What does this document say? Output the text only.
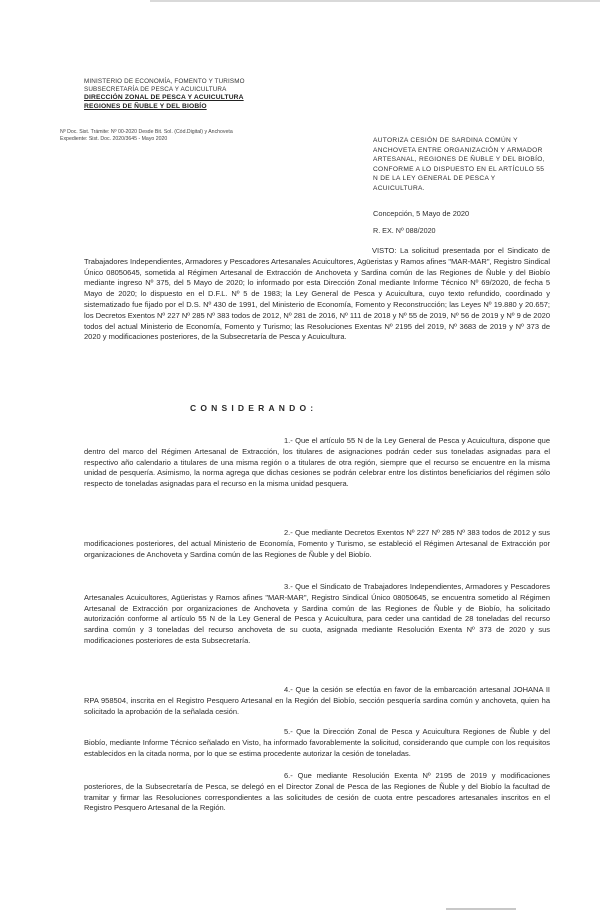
MINISTERIO DE ECONOMÍA, FOMENTO Y TURISMO
SUBSECRETARÍA DE PESCA Y ACUICULTURA
DIRECCIÓN ZONAL DE PESCA Y ACUICULTURA
REGIONES DE ÑUBLE Y DEL BIOBÍO
Nº Doc. Sist. Trámite: Nº 00-2020 Desde Bit. Sol. (Cód.Digital) y Anchoveta
Expediente: Sist. Doc. 2020/3645 - Mayo 2020	AUTORIZA CESIÓN DE SARDINA COMÚN Y ANCHOVETA ENTRE ORGANIZACIÓN Y ARMADOR ARTESANAL, REGIONES DE ÑUBLE Y DEL BIOBÍO, CONFORME A LO DISPUESTO EN EL ARTÍCULO 55 N DE LA LEY GENERAL DE PESCA Y ACUICULTURA.
Concepción, 5 Mayo de 2020
R. EX. Nº 088/2020
VISTO: La solicitud presentada por el Sindicato de Trabajadores Independientes, Armadores y Pescadores Artesanales Acuicultores, Agüeristas y Ramos afines "MAR-MAR", Registro Sindical Único 08050645, sometida al Régimen Artesanal de Extracción de Anchoveta y Sardina común de las Regiones de Ñuble y del Biobío mediante ingreso Nº 375, del 5 Mayo de 2020; lo informado por esta Dirección Zonal mediante Informe Técnico Nº 69/2020, de fecha 5 Mayo de 2020; lo dispuesto en el D.F.L. Nº 5 de 1983; la Ley General de Pesca y Acuicultura, cuyo texto refundido, coordinado y sistematizado fue fijado por el D.S. Nº 430 de 1991, del Ministerio de Economía, Fomento y Reconstrucción; las Leyes Nº 19.880 y 20.657; los Decretos Exentos Nº 227 Nº 285 Nº 383 todos de 2012, Nº 281 de 2016, Nº 111 de 2018 y Nº 55 de 2019, Nº 56 de 2019 y Nº 9 de 2020 todos del actual Ministerio de Economía, Fomento y Turismo; las Resoluciones Exentas Nº 2195 del 2019, Nº 3683 de 2019 y Nº 373 de 2020 y modificaciones posteriores, de la Subsecretaría de Pesca y Acuicultura.
CONSIDERANDO:
1.- Que el artículo 55 N de la Ley General de Pesca y Acuicultura, dispone que dentro del marco del Régimen Artesanal de Extracción, los titulares de asignaciones podrán ceder sus toneladas asignadas para el respectivo año calendario a titulares de una misma región o a titulares de otra región, siempre que el recurso se encuentre en la misma unidad de pesquería. Asimismo, la norma agrega que dichas cesiones se podrán celebrar entre los distintos beneficiarios del régimen sólo respecto de toneladas asignadas para el recurso en la misma unidad pesquera.
2.- Que mediante Decretos Exentos Nº 227 Nº 285 Nº 383 todos de 2012 y sus modificaciones posteriores, del actual Ministerio de Economía, Fomento y Turismo, se estableció el Régimen Artesanal de Extracción por organizaciones de Anchoveta y Sardina común de las Regiones de Ñuble y del Biobío.
3.- Que el Sindicato de Trabajadores Independientes, Armadores y Pescadores Artesanales Acuicultores, Agüeristas y Ramos afines "MAR-MAR", Registro Sindical Único 08050645, se encuentra sometido al Régimen Artesanal de Extracción por organizaciones de Anchoveta y Sardina común de las Regiones de Ñuble y de Biobío, ha solicitado autorización conforme al artículo 55 N de la Ley General de Pesca y Acuicultura, para ceder una cantidad de 28 toneladas del recurso sardina común y 3 toneladas del recurso anchoveta de su cuota, asignada mediante Resolución Exenta Nº 373 de 2020 y sus modificaciones posteriores de esta Subsecretaría.
4.- Que la cesión se efectúa en favor de la embarcación artesanal JOHANA II RPA 958504, inscrita en el Registro Pesquero Artesanal en la Región del Biobío, sección pesquería sardina común y anchoveta, quien ha solicitado la aprobación de la señalada cesión.
5.- Que la Dirección Zonal de Pesca y Acuicultura Regiones de Ñuble y del Biobío, mediante Informe Técnico señalado en Visto, ha informado favorablemente la solicitud, considerando que cumple con los requisitos establecidos en la citada norma, por lo que se estima procedente autorizar la cesión de toneladas.
6.- Que mediante Resolución Exenta Nº 2195 de 2019 y modificaciones posteriores, de la Subsecretaría de Pesca, se delegó en el Director Zonal de Pesca de las Regiones de Ñuble y del Biobío la facultad de tramitar y firmar las Resoluciones correspondientes a las solicitudes de cesión de cuota entre pescadores artesanales inscritos en el Registro Pesquero Artesanal de la Región.
